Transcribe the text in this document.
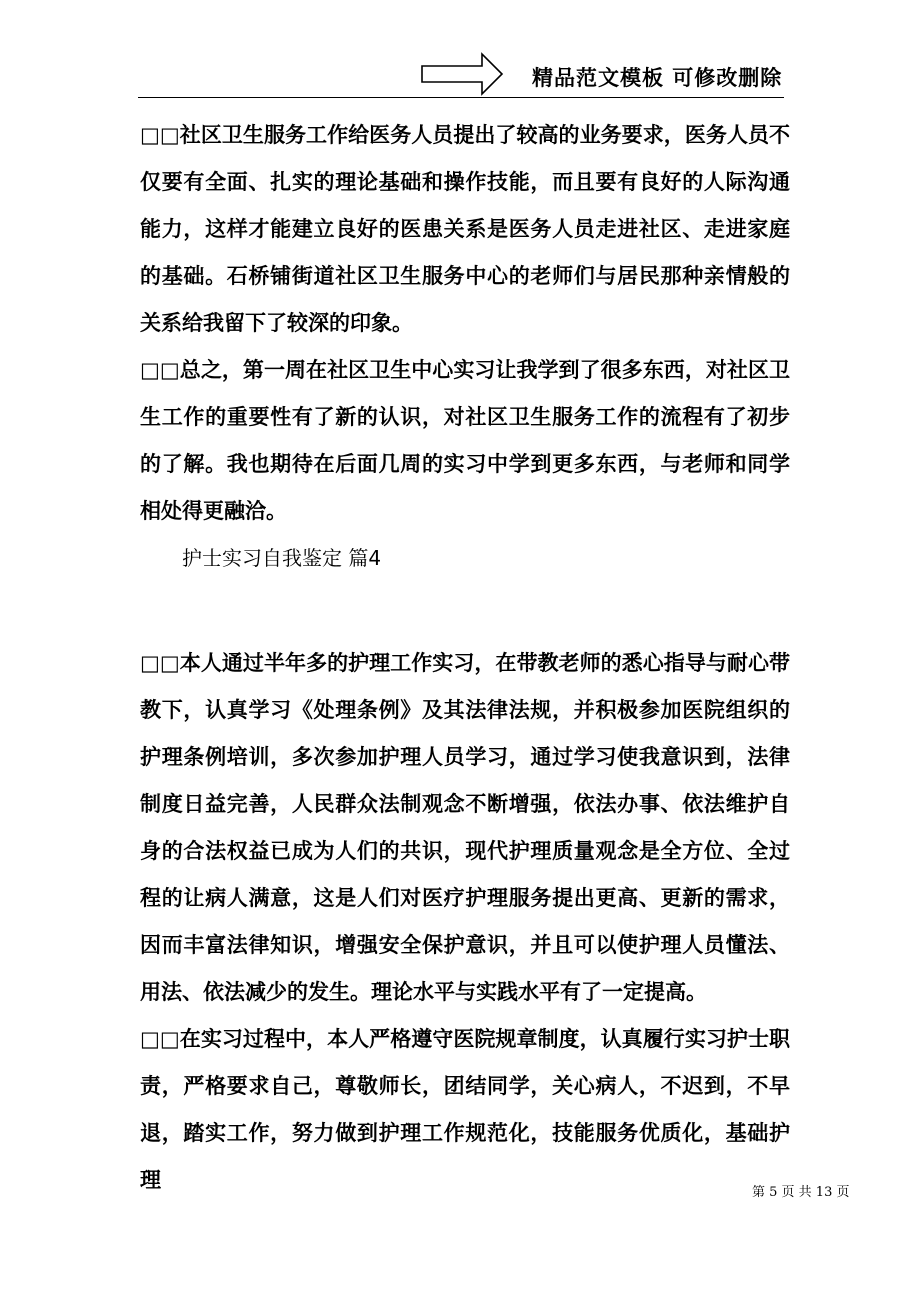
精品范文模板 可修改删除

□□社区卫生服务工作给医务人员提出了较高的业务要求，医务人员不仅要有全面、扎实的理论基础和操作技能，而且要有良好的人际沟通能力，这样才能建立良好的医患关系是医务人员走进社区、走进家庭的基础。石桥铺街道社区卫生服务中心的老师们与居民那种亲情般的关系给我留下了较深的印象。

□□总之，第一周在社区卫生中心实习让我学到了很多东西，对社区卫生工作的重要性有了新的认识，对社区卫生服务工作的流程有了初步的了解。我也期待在后面几周的实习中学到更多东西，与老师和同学相处得更融洽。

护士实习自我鉴定 篇4

□□本人通过半年多的护理工作实习，在带教老师的悉心指导与耐心带教下，认真学习《处理条例》及其法律法规，并积极参加医院组织的护理条例培训，多次参加护理人员学习，通过学习使我意识到，法律制度日益完善，人民群众法制观念不断增强，依法办事、依法维护自身的合法权益已成为人们的共识，现代护理质量观念是全方位、全过程的让病人满意，这是人们对医疗护理服务提出更高、更新的需求，因而丰富法律知识，增强安全保护意识，并且可以使护理人员懂法、用法、依法减少的发生。理论水平与实践水平有了一定提高。

□□在实习过程中，本人严格遵守医院规章制度，认真履行实习护士职责，严格要求自己，尊敬师长，团结同学，关心病人，不迟到，不早退，踏实工作，努力做到护理工作规范化，技能服务优质化，基础护理

第 5 页 共 13 页
